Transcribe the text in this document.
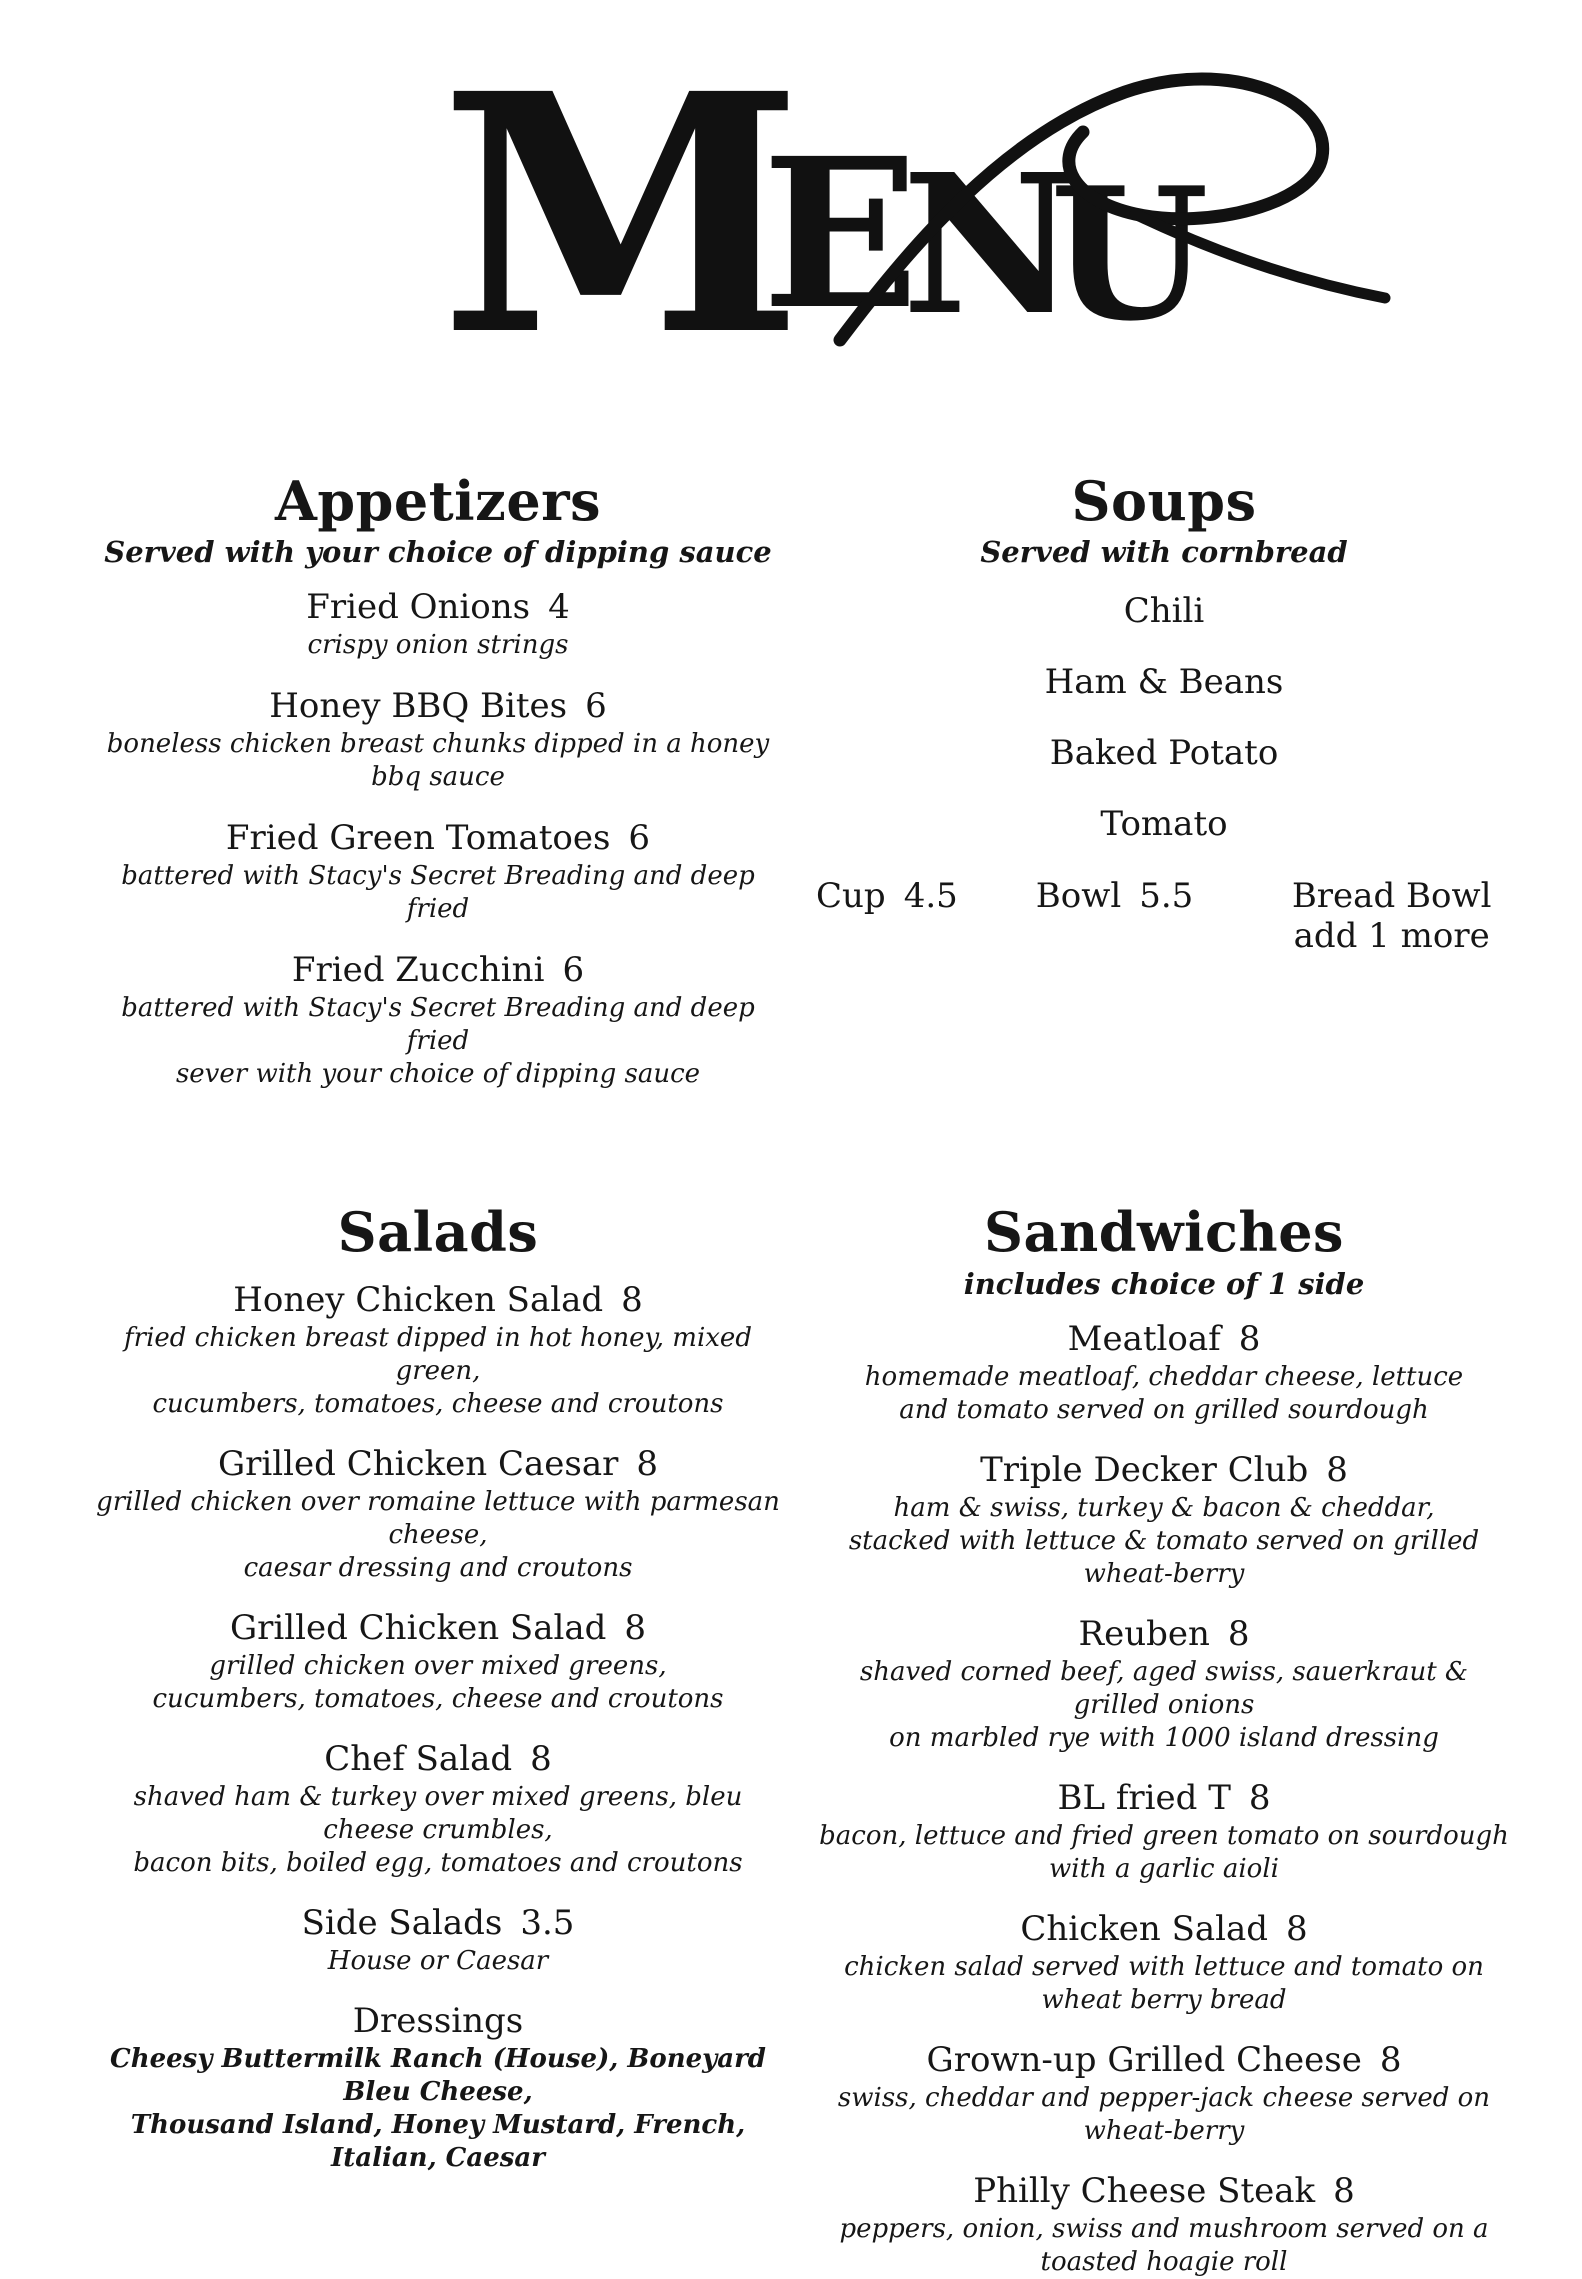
M
E
N
U
Appetizers
Served with your choice of dipping sauce
Fried Onions 4
crispy onion strings
Honey BBQ Bites 6
boneless chicken breast chunks dipped in a honey bbq sauce
Fried Green Tomatoes 6
battered with Stacy's Secret Breading and deep fried
Fried Zucchini 6
battered with Stacy's Secret Breading and deep fried
sever with your choice of dipping sauce
Soups
Served with cornbread
Chili
Ham & Beans
Baked Potato
Tomato
Cup 4.5 Bowl 5.5	Bread Bowl add 1 more
Salads
Honey Chicken Salad 8
fried chicken breast dipped in hot honey, mixed green,
cucumbers, tomatoes, cheese and croutons
Grilled Chicken Caesar 8
grilled chicken over romaine lettuce with parmesan cheese,
caesar dressing and croutons
Grilled Chicken Salad 8
grilled chicken over mixed greens,
cucumbers, tomatoes, cheese and croutons
Chef Salad 8
shaved ham & turkey over mixed greens, bleu cheese crumbles,
bacon bits, boiled egg, tomatoes and croutons
Side Salads 3.5
House or Caesar
Dressings
Cheesy Buttermilk Ranch (House), Boneyard Bleu Cheese,
Thousand Island, Honey Mustard, French, Italian, Caesar
Sandwiches
includes choice of 1 side
Meatloaf 8
homemade meatloaf, cheddar cheese, lettuce
and tomato served on grilled sourdough
Triple Decker Club 8
ham & swiss, turkey & bacon & cheddar,
stacked with lettuce & tomato served on grilled wheat-berry
Reuben 8
shaved corned beef, aged swiss, sauerkraut & grilled onions
on marbled rye with 1000 island dressing
BL fried T 8
bacon, lettuce and fried green tomato on sourdough with a garlic aioli
Chicken Salad 8
chicken salad served with lettuce and tomato on wheat berry bread
Grown-up Grilled Cheese 8
swiss, cheddar and pepper-jack cheese served on wheat-berry
Philly Cheese Steak 8
peppers, onion, swiss and mushroom served on a toasted hoagie roll
